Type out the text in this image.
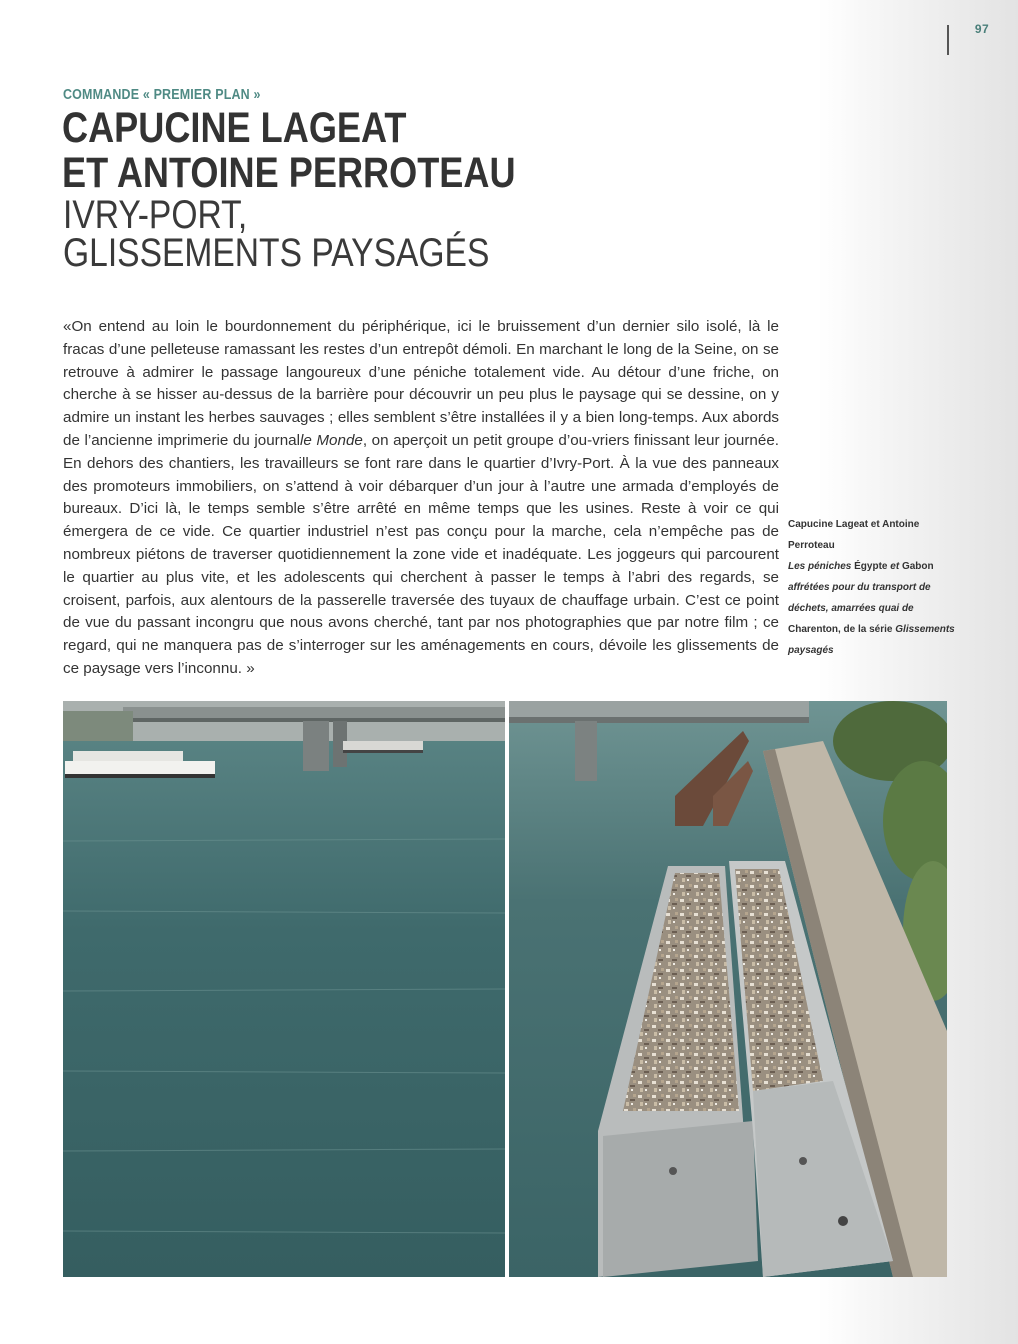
97
COMMANDE « PREMIER PLAN »
CAPUCINE LAGEAT
ET ANTOINE PERROTEAU
IVRY-PORT,
GLISSEMENTS PAYSAGÉS
«On entend au loin le bourdonnement du périphérique, ici le bruissement d’un dernier silo isolé, là le fracas d’une pelleteuse ramassant les restes d’un entrepôt démoli. En marchant le long de la Seine, on se retrouve à admirer le passage langoureux d’une péniche totalement vide. Au détour d’une friche, on cherche à se hisser au-dessus de la barrière pour découvrir un peu plus le paysage qui se dessine, on y admire un instant les herbes sauvages ; elles semblent s’être installées il y a bien long-temps. Aux abords de l’ancienne imprimerie du journalle Monde, on aperçoit un petit groupe d’ou-vriers finissant leur journée. En dehors des chantiers, les travailleurs se font rare dans le quartier d’Ivry-Port. À la vue des panneaux des promoteurs immobiliers, on s’attend à voir débarquer d’un jour à l’autre une armada d’employés de bureaux. D’ici là, le temps semble s’être arrêté en même temps que les usines. Reste à voir ce qui émergera de ce vide. Ce quartier industriel n’est pas conçu pour la marche, cela n’empêche pas de nombreux piétons de traverser quotidiennement la zone vide et inadéquate. Les joggeurs qui parcourent le quartier au plus vite, et les adolescents qui cherchent à passer le temps à l’abri des regards, se croisent, parfois, aux alentours de la passerelle traversée des tuyaux de chauffage urbain. C’est ce point de vue du passant incongru que nous avons cherché, tant par nos photographies que par notre film ; ce regard, qui ne manquera pas de s’interroger sur les aménagements en cours, dévoile les glissements de ce paysage vers l’inconnu. »
Capucine Lageat et Antoine Perroteau
Les péniches Égypte et Gabon affrétées pour du transport de déchets, amarrées quai de Charenton, de la série Glissements paysagés
